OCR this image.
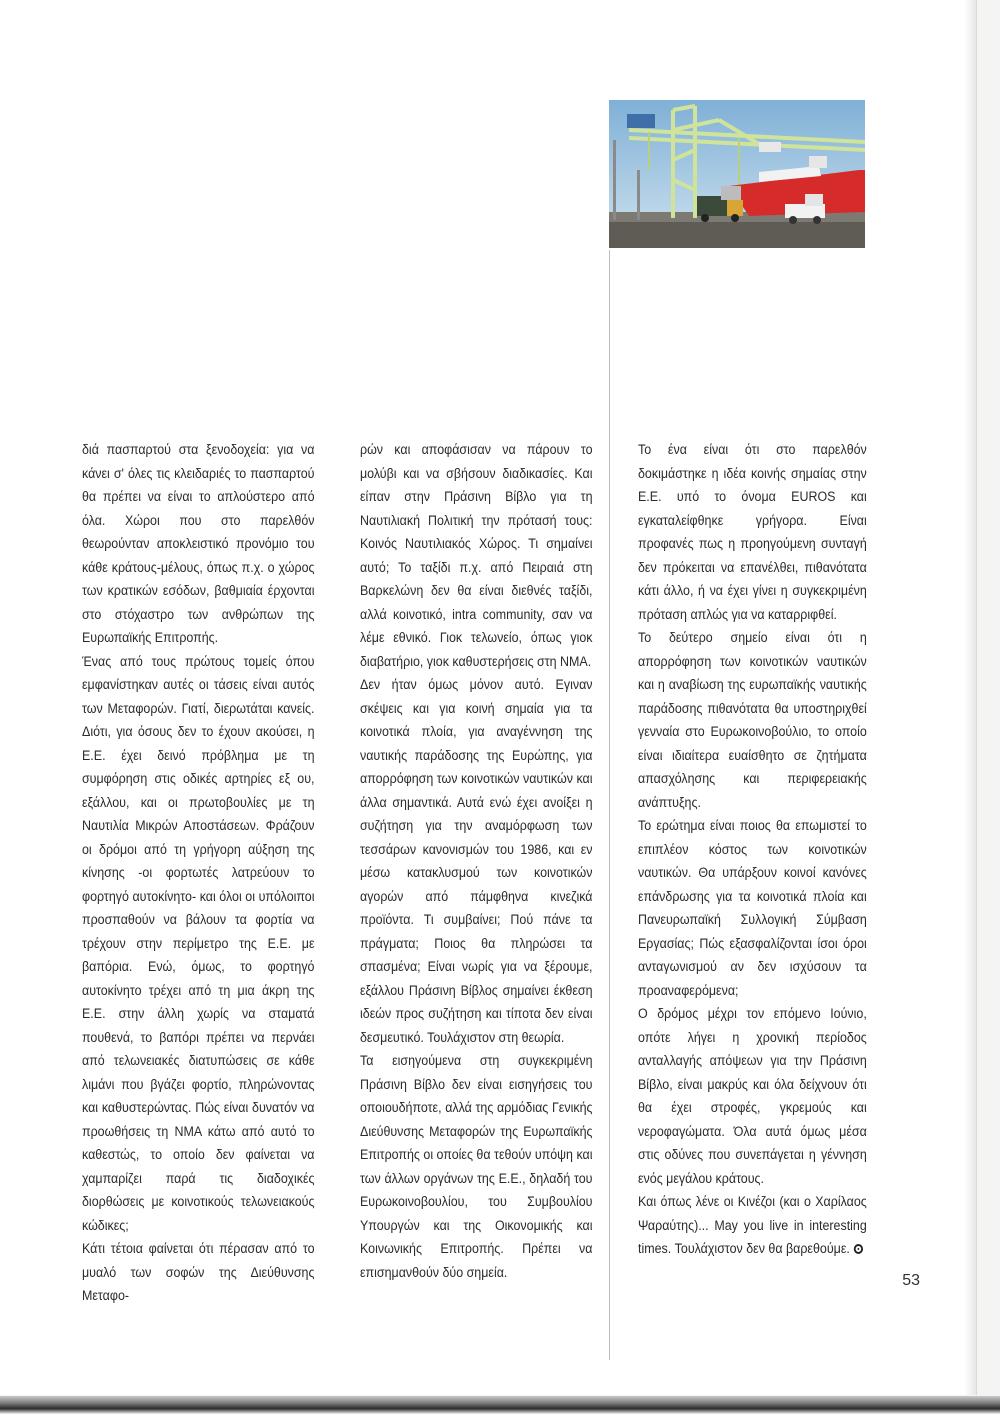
διά πασπαρτού στα ξενοδοχεία: για να κάνει σ' όλες τις κλειδαριές το πασπαρτού θα πρέπει να είναι το απλούστερο από όλα. Χώροι που στο παρελθόν θεωρούνταν αποκλειστικό προνόμιο του κάθε κράτους-μέλους, όπως π.χ. ο χώρος των κρατικών εσόδων, βαθμιαία έρχονται στο στόχαστρο των ανθρώπων της Ευρωπαϊκής Επιτροπής.

Ένας από τους πρώτους τομείς όπου εμφανίστηκαν αυτές οι τάσεις είναι αυτός των Μεταφορών. Γιατί, διερωτάται κανείς. Διότι, για όσους δεν το έχουν ακούσει, η Ε.Ε. έχει δεινό πρόβλημα με τη συμφόρηση στις οδικές αρτηρίες εξ ου, εξάλλου, και οι πρωτοβουλίες με τη Ναυτιλία Μικρών Αποστάσεων. Φράζουν οι δρόμοι από τη γρήγορη αύξηση της κίνησης -οι φορτωτές λατρεύουν το φορτηγό αυτοκίνητο- και όλοι οι υπόλοιποι προσπαθούν να βάλουν τα φορτία να τρέχουν στην περίμετρο της Ε.Ε. με βαπόρια. Ενώ, όμως, το φορτηγό αυτοκίνητο τρέχει από τη μια άκρη της Ε.Ε. στην άλλη χωρίς να σταματά πουθενά, το βαπόρι πρέπει να περνάει από τελωνειακές διατυπώσεις σε κάθε λιμάνι που βγάζει φορτίο, πληρώνοντας και καθυστερώντας. Πώς είναι δυνατόν να προωθήσεις τη ΝΜΑ κάτω από αυτό το καθεστώς, το οποίο δεν φαίνεται να χαμπαρίζει παρά τις διαδοχικές διορθώσεις με κοινοτικούς τελωνειακούς κώδικες;

Κάτι τέτοια φαίνεται ότι πέρασαν από το μυαλό των σοφών της Διεύθυνσης Μεταφο-

ρών και αποφάσισαν να πάρουν το μολύβι και να σβήσουν διαδικασίες. Και είπαν στην Πράσινη Βίβλο για τη Ναυτιλιακή Πολιτική την πρότασή τους: Κοινός Ναυτιλιακός Χώρος. Τι σημαίνει αυτό; Το ταξίδι π.χ. από Πειραιά στη Βαρκελώνη δεν θα είναι διεθνές ταξίδι, αλλά κοινοτικό, intra community, σαν να λέμε εθνικό. Γιοκ τελωνείο, όπως γιοκ διαβατήριο, γιοκ καθυστερήσεις στη ΝΜΑ.

Δεν ήταν όμως μόνον αυτό. Εγιναν σκέψεις και για κοινή σημαία για τα κοινοτικά πλοία, για αναγέννηση της ναυτικής παράδοσης της Ευρώπης, για απορρόφηση των κοινοτικών ναυτικών και άλλα σημαντικά. Αυτά ενώ έχει ανοίξει η συζήτηση για την αναμόρφωση των τεσσάρων κανονισμών του 1986, και εν μέσω κατακλυσμού των κοινοτικών αγορών από πάμφθηνα κινεζικά προϊόντα. Τι συμβαίνει; Πού πάνε τα πράγματα; Ποιος θα πληρώσει τα σπασμένα; Είναι νωρίς για να ξέρουμε, εξάλλου Πράσινη Βίβλος σημαίνει έκθεση ιδεών προς συζήτηση και τίποτα δεν είναι δεσμευτικό. Τουλάχιστον στη θεωρία.

Τα εισηγούμενα στη συγκεκριμένη Πράσινη Βίβλο δεν είναι εισηγήσεις του οποιουδήποτε, αλλά της αρμόδιας Γενικής Διεύθυνσης Μεταφορών της Ευρωπαϊκής Επιτροπής οι οποίες θα τεθούν υπόψη και των άλλων οργάνων της Ε.Ε., δηλαδή του Ευρωκοινοβουλίου, του Συμβουλίου Υπουργών και της Οικονομικής και Κοινωνικής Επιτροπής. Πρέπει να επισημανθούν δύο σημεία.

Το ένα είναι ότι στο παρελθόν δοκιμάστηκε η ιδέα κοινής σημαίας στην Ε.Ε. υπό το όνομα EUROS και εγκαταλείφθηκε γρήγορα. Είναι προφανές πως η προηγούμενη συνταγή δεν πρόκειται να επανέλθει, πιθανότατα κάτι άλλο, ή να έχει γίνει η συγκεκριμένη πρόταση απλώς για να καταρριφθεί.

Το δεύτερο σημείο είναι ότι η απορρόφηση των κοινοτικών ναυτικών και η αναβίωση της ευρωπαϊκής ναυτικής παράδοσης πιθανότατα θα υποστηριχθεί γενναία στο Ευρωκοινοβούλιο, το οποίο είναι ιδιαίτερα ευαίσθητο σε ζητήματα απασχόλησης και περιφερειακής ανάπτυξης.

Το ερώτημα είναι ποιος θα επωμιστεί το επιπλέον κόστος των κοινοτικών ναυτικών. Θα υπάρξουν κοινοί κανόνες επάνδρωσης για τα κοινοτικά πλοία και Πανευρωπαϊκή Συλλογική Σύμβαση Εργασίας; Πώς εξασφαλίζονται ίσοι όροι ανταγωνισμού αν δεν ισχύσουν τα προαναφερόμενα;

Ο δρόμος μέχρι τον επόμενο Ιούνιο, οπότε λήγει η χρονική περίοδος ανταλλαγής απόψεων για την Πράσινη Βίβλο, είναι μακρύς και όλα δείχνουν ότι θα έχει στροφές, γκρεμούς και νεροφαγώματα. Όλα αυτά όμως μέσα στις οδύνες που συνεπάγεται η γέννηση ενός μεγάλου κράτους.

Και όπως λένε οι Κινέζοι (και ο Χαρίλαος Ψαραύτης)... May you live in interesting times. Τουλάχιστον δεν θα βαρεθούμε.

53
